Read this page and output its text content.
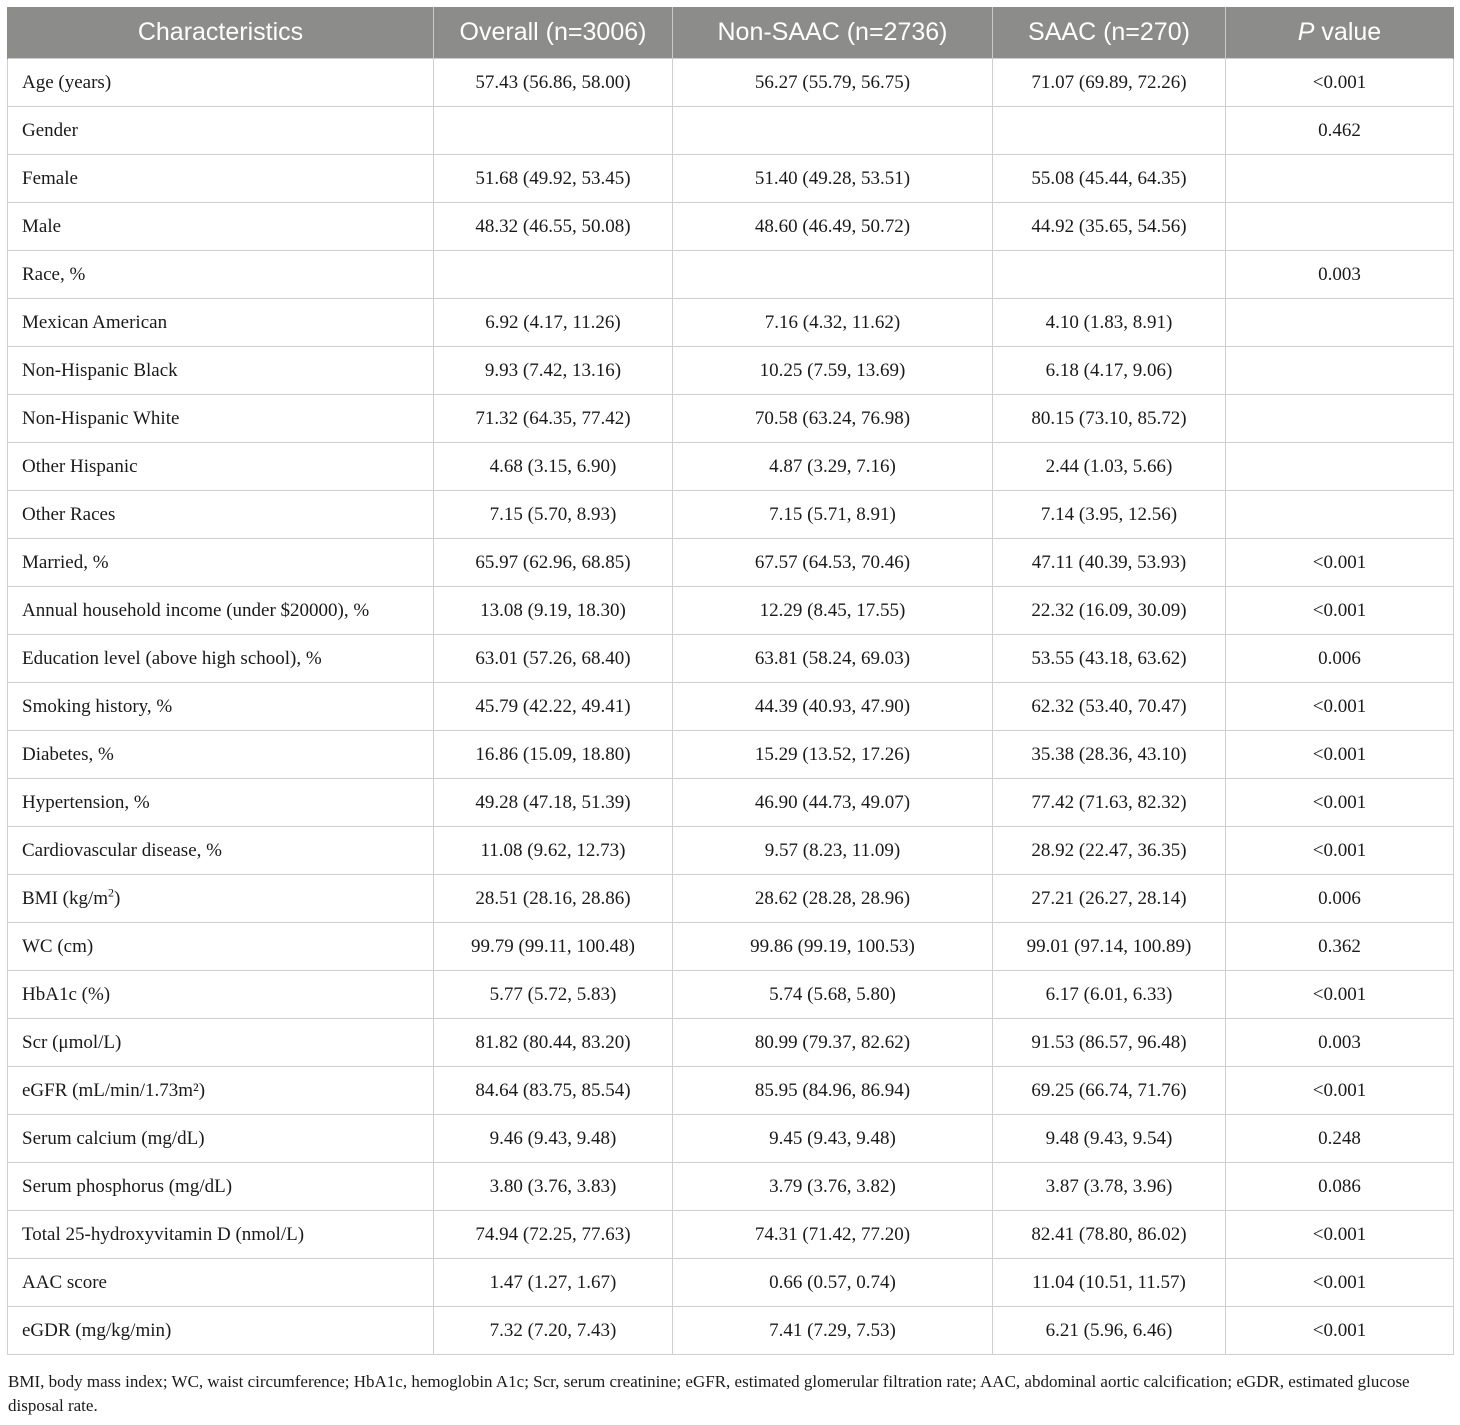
Characteristics	Overall (n=3006)	Non-SAAC (n=2736)	SAAC (n=270)	P value
Age (years)	57.43 (56.86, 58.00)	56.27 (55.79, 56.75)	71.07 (69.89, 72.26)	<0.001
Gender				0.462
Female	51.68 (49.92, 53.45)	51.40 (49.28, 53.51)	55.08 (45.44, 64.35)	
Male	48.32 (46.55, 50.08)	48.60 (46.49, 50.72)	44.92 (35.65, 54.56)	
Race, %				0.003
Mexican American	6.92 (4.17, 11.26)	7.16 (4.32, 11.62)	4.10 (1.83, 8.91)	
Non-Hispanic Black	9.93 (7.42, 13.16)	10.25 (7.59, 13.69)	6.18 (4.17, 9.06)	
Non-Hispanic White	71.32 (64.35, 77.42)	70.58 (63.24, 76.98)	80.15 (73.10, 85.72)	
Other Hispanic	4.68 (3.15, 6.90)	4.87 (3.29, 7.16)	2.44 (1.03, 5.66)	
Other Races	7.15 (5.70, 8.93)	7.15 (5.71, 8.91)	7.14 (3.95, 12.56)	
Married, %	65.97 (62.96, 68.85)	67.57 (64.53, 70.46)	47.11 (40.39, 53.93)	<0.001
Annual household income (under $20000), %	13.08 (9.19, 18.30)	12.29 (8.45, 17.55)	22.32 (16.09, 30.09)	<0.001
Education level (above high school), %	63.01 (57.26, 68.40)	63.81 (58.24, 69.03)	53.55 (43.18, 63.62)	0.006
Smoking history, %	45.79 (42.22, 49.41)	44.39 (40.93, 47.90)	62.32 (53.40, 70.47)	<0.001
Diabetes, %	16.86 (15.09, 18.80)	15.29 (13.52, 17.26)	35.38 (28.36, 43.10)	<0.001
Hypertension, %	49.28 (47.18, 51.39)	46.90 (44.73, 49.07)	77.42 (71.63, 82.32)	<0.001
Cardiovascular disease, %	11.08 (9.62, 12.73)	9.57 (8.23, 11.09)	28.92 (22.47, 36.35)	<0.001
BMI $(kg/m^2)$	28.51 (28.16, 28.86)	28.62 (28.28, 28.96)	27.21 (26.27, 28.14)	0.006
WC (cm)	99.79 (99.11, 100.48)	99.86 (99.19, 100.53)	99.01 (97.14, 100.89)	0.362
HbA1c (%)	5.77 (5.72, 5.83)	5.74 (5.68, 5.80)	6.17 (6.01, 6.33)	<0.001
Scr (μmol/L)	81.82 (80.44, 83.20)	80.99 (79.37, 82.62)	91.53 (86.57, 96.48)	0.003
eGFR (mL/min/1.73m²)	84.64 (83.75, 85.54)	85.95 (84.96, 86.94)	69.25 (66.74, 71.76)	<0.001
Serum calcium (mg/dL)	9.46 (9.43, 9.48)	9.45 (9.43, 9.48)	9.48 (9.43, 9.54)	0.248
Serum phosphorus (mg/dL)	3.80 (3.76, 3.83)	3.79 (3.76, 3.82)	3.87 (3.78, 3.96)	0.086
Total 25-hydroxyvitamin D (nmol/L)	74.94 (72.25, 77.63)	74.31 (71.42, 77.20)	82.41 (78.80, 86.02)	<0.001
AAC score	1.47 (1.27, 1.67)	0.66 (0.57, 0.74)	11.04 (10.51, 11.57)	<0.001
eGDR (mg/kg/min)	7.32 (7.20, 7.43)	7.41 (7.29, 7.53)	6.21 (5.96, 6.46)	<0.001
BMI, body mass index; WC, waist circumference; HbA1c, hemoglobin A1c; Scr, serum creatinine; eGFR, estimated glomerular filtration rate; AAC, abdominal aortic calcification; eGDR, estimated glucose disposal rate.
